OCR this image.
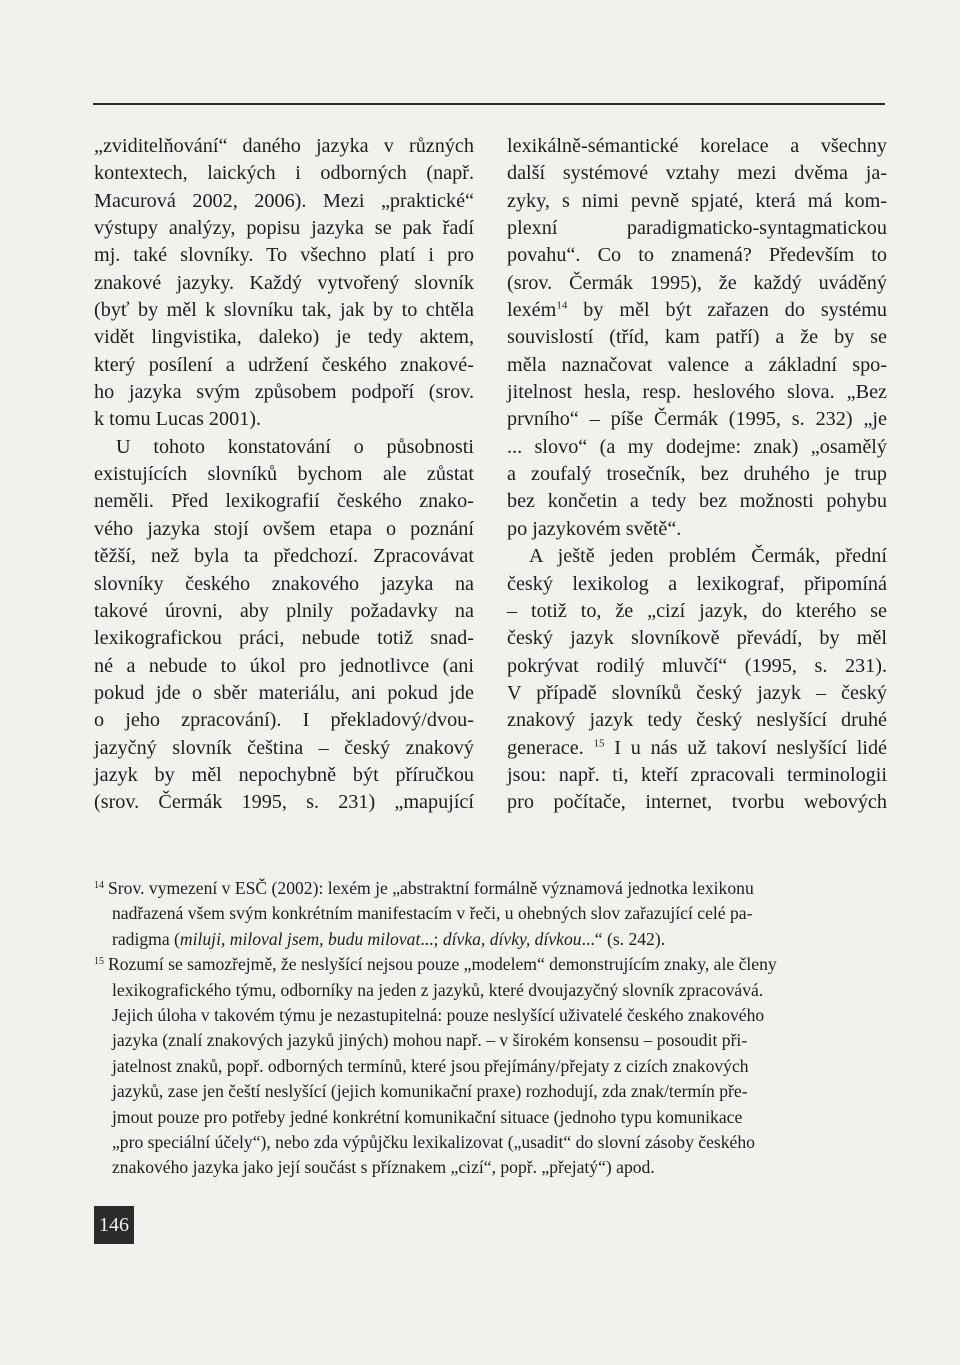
„zviditelňování“ daného jazyka v různých
kontextech, laických i odborných (např.
Macurová 2002, 2006). Mezi „praktické“
výstupy analýzy, popisu jazyka se pak řadí
mj. také slovníky. To všechno platí i pro
znakové jazyky. Každý vytvořený slovník
(byť by měl k slovníku tak, jak by to chtěla
vidět lingvistika, daleko) je tedy aktem,
který posílení a udržení českého znakové-
ho jazyka svým způsobem podpoří (srov.
k tomu Lucas 2001).
U tohoto konstatování o působnosti
existujících slovníků bychom ale zůstat
neměli. Před lexikografií českého znako-
vého jazyka stojí ovšem etapa o poznání
těžší, než byla ta předchozí. Zpracovávat
slovníky českého znakového jazyka na
takové úrovni, aby plnily požadavky na
lexikografickou práci, nebude totiž snad-
né a nebude to úkol pro jednotlivce (ani
pokud jde o sběr materiálu, ani pokud jde
o jeho zpracování). I překladový/dvou-
jazyčný slovník čeština – český znakový
jazyk by měl nepochybně být příručkou
(srov. Čermák 1995, s. 231) „mapující
lexikálně-sémantické korelace a všechny
další systémové vztahy mezi dvěma ja-
zyky, s nimi pevně spjaté, která má kom-
plexní paradigmaticko-syntagmatickou
povahu“. Co to znamená? Především to
(srov. Čermák 1995), že každý uváděný
lexém$^{14}$ by měl být zařazen do systému
souvislostí (tříd, kam patří) a že by se
měla naznačovat valence a základní spo-
jitelnost hesla, resp. heslového slova. „Bez
prvního“ – píše Čermák (1995, s. 232) „je
... slovo“ (a my dodejme: znak) „osamělý
a zoufalý trosečník, bez druhého je trup
bez končetin a tedy bez možnosti pohybu
po jazykovém světě“.
A ještě jeden problém Čermák, přední
český lexikolog a lexikograf, připomíná
– totiž to, že „cizí jazyk, do kterého se
český jazyk slovníkově převádí, by měl
pokrývat rodilý mluvčí“ (1995, s. 231).
V případě slovníků český jazyk – český
znakový jazyk tedy český neslyšící druhé
generace. $^{15}$ I u nás už takoví neslyšící lidé
jsou: např. ti, kteří zpracovali terminologii
pro počítače, internet, tvorbu webových
$^{14}$ Srov. vymezení v ESČ (2002): lexém je „abstraktní formálně významová jednotka lexikonu
nadřazená všem svým konkrétním manifestacím v řeči, u ohebných slov zařazující celé pa-
radigma (miluji, miloval jsem, budu milovat...; dívka, dívky, dívkou...“ (s. 242).
$^{15}$ Rozumí se samozřejmě, že neslyšící nejsou pouze „modelem“ demonstrujícím znaky, ale členy
lexikografického týmu, odborníky na jeden z jazyků, které dvoujazyčný slovník zpracovává.
Jejich úloha v takovém týmu je nezastupitelná: pouze neslyšící uživatelé českého znakového
jazyka (znalí znakových jazyků jiných) mohou např. – v širokém konsensu – posoudit při-
jatelnost znaků, popř. odborných termínů, které jsou přejímány/přejaty z cizích znakových
jazyků, zase jen čeští neslyšící (jejich komunikační praxe) rozhodují, zda znak/termín pře-
jmout pouze pro potřeby jedné konkrétní komunikační situace (jednoho typu komunikace
„pro speciální účely“), nebo zda výpůjčku lexikalizovat („usadit“ do slovní zásoby českého
znakového jazyka jako její součást s příznakem „cizí“, popř. „přejatý“) apod.
146
